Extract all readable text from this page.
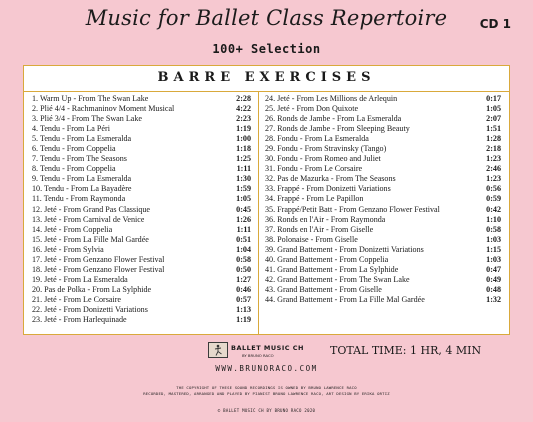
Music for Ballet Class Repertoire	CD 1
100+ Selection
BARRE EXERCISES
1. Warm Up - From The Swan Lake	2:28
2. Plié 4/4 - Rachmaninov Moment Musical	4:22
3. Plié 3/4 - From The Swan Lake	2:23
4. Tendu - From La Péri	1:19
5. Tendu - From La Esmeralda	1:00
6. Tendu - From Coppelia	1:18
7. Tendu - From The Seasons	1:25
8. Tendu - From Coppelia	1:11
9. Tendu - From La Esmeralda	1:30
10. Tendu - From La Bayadère	1:59
11. Tendu - From Raymonda	1:05
12. Jeté - From Grand Pas Classique	0:45
13. Jeté - From Carnival de Venice	1:26
14. Jeté - From Coppelia	1:11
15. Jeté - From La Fille Mal Gardée	0:51
16. Jeté - From Sylvia	1:04
17. Jeté - From Genzano Flower Festival	0:58
18. Jeté - From Genzano Flower Festival	0:50
19. Jeté - From La Esmeralda	1:27
20. Pas de Polka - From La Sylphide	0:46
21. Jeté - From Le Corsaire	0:57
22. Jeté - From Donizetti Variations	1:13
23. Jeté - From Harlequinade	1:19
24. Jeté - From Les Millions de Arlequin	0:17
25. Jeté - From Don Quixote	1:05
26. Ronds de Jambe - From La Esmeralda	2:07
27. Ronds de Jambe - From Sleeping Beauty	1:51
28. Fondu - From La Esmeralda	1:28
29. Fondu - From Stravinsky (Tango)	2:18
30. Fondu - From Romeo and Juliet	1:23
31. Fondu - From Le Corsaire	2:46
32. Pas de Mazurka - From The Seasons	1:23
33. Frappé - From Donizetti Variations	0:56
34. Frappé - From Le Papillon	0:59
35. Frappé/Petit Batt - From Genzano Flower Festival	0:42
36. Ronds en l'Air - From Raymonda	1:10
37. Ronds en l'Air - From Giselle	0:58
38. Polonaise - From Giselle	1:03
39. Grand Battement - From Donizetti Variations	1:15
40. Grand Battement - From Coppelia	1:03
41. Grand Battement - From La Sylphide	0:47
42. Grand Battement - From The Swan Lake	0:49
43. Grand Battement - From Giselle	0:48
44. Grand Battement - From La Fille Mal Gardée	1:32
BALLET MUSIC CH
BY BRUNO RACO	TOTAL TIME: 1 HR, 4 MIN
WWW.BRUNORACO.COM
THE COPYRIGHT OF THESE SOUND RECORDINGS IS OWNED BY BRUNO LAWRENCE RACO
RECORDED, MASTERED, ARRANGED AND PLAYED BY PIANIST BRUNO LAWRENCE RACO, ART DESIGN BY ERIKA ORTIZ
© BALLET MUSIC CH BY BRUNO RACO 2020
